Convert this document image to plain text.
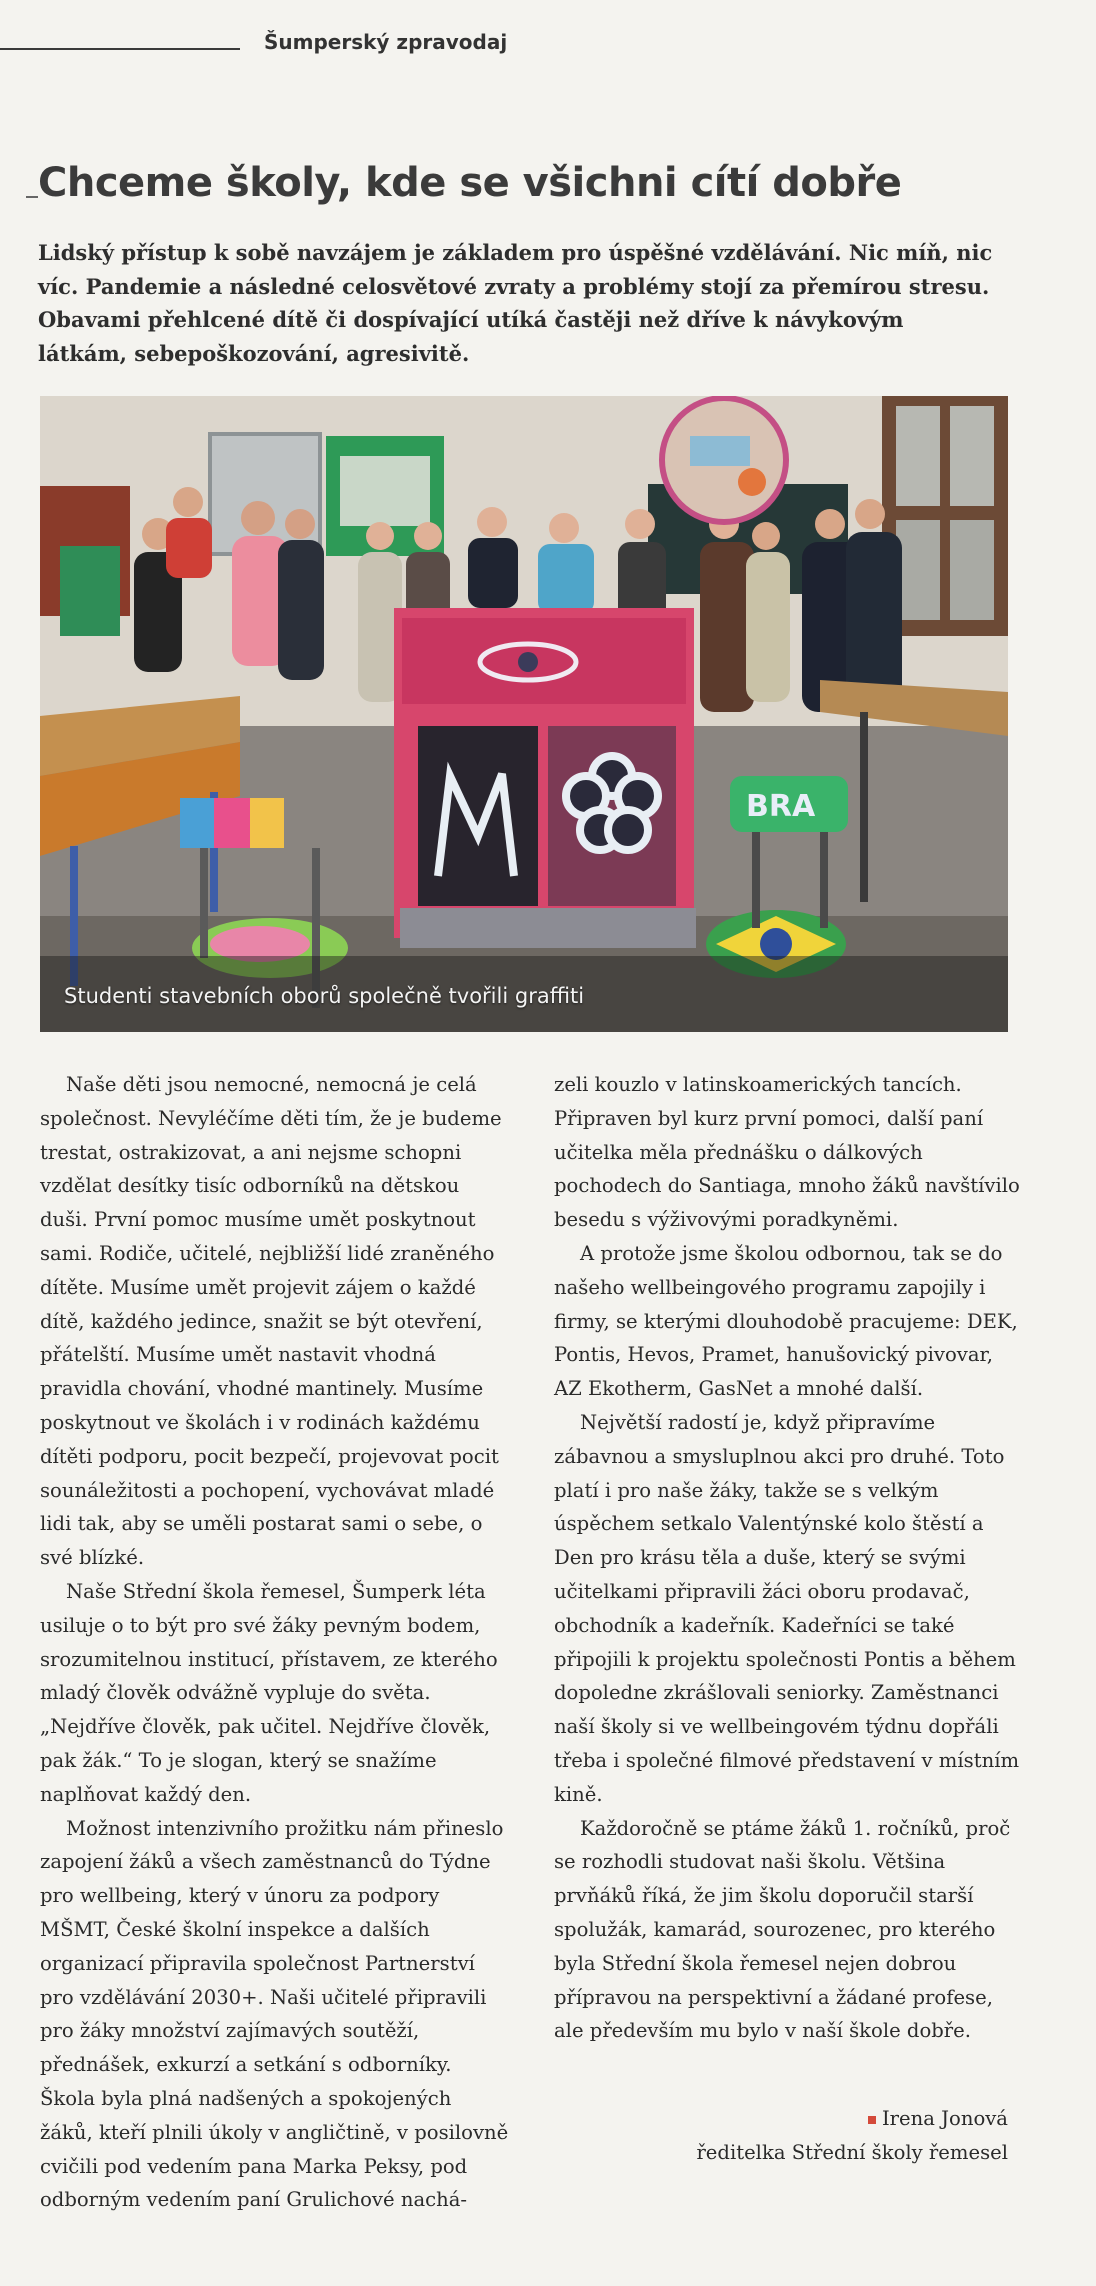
Šumperský zpravodaj
Chceme školy, kde se všichni cítí dobře

Lidský přístup k sobě navzájem je základem pro úspěšné vzdělávání. Nic míň, nic víc. Pandemie a následné celosvětové zvraty a problémy stojí za přemírou stresu. Obavami přehlcené dítě či dospívající utíká častěji než dříve k návykovým látkám, sebepoškozování, agresivitě.

BRA
Studenti stavebních oborů společně tvořili graffiti

Naše děti jsou nemocné, nemocná je celá společnost. Nevyléčíme děti tím, že je budeme trestat, ostrakizovat, a ani nejsme schopni vzdělat desítky tisíc odborníků na dětskou duši. První pomoc musíme umět poskytnout sami. Rodiče, učitelé, nejbližší lidé zraněného dítěte. Musíme umět projevit zájem o každé dítě, každého jedince, snažit se být otevření, přátelští. Musíme umět nastavit vhodná pravidla chování, vhodné mantinely. Musíme poskytnout ve školách i v rodinách každému dítěti podporu, pocit bezpečí, projevovat pocit sounáležitosti a pochopení, vychovávat mladé lidi tak, aby se uměli postarat sami o sebe, o své blízké.

Naše Střední škola řemesel, Šumperk léta usiluje o to být pro své žáky pevným bodem, srozumitelnou institucí, přístavem, ze kterého mladý člověk odvážně vypluje do světa. „Nejdříve člověk, pak učitel. Nejdříve člověk, pak žák.“ To je slogan, který se snažíme naplňovat každý den.

Možnost intenzivního prožitku nám přineslo zapojení žáků a všech zaměstnanců do Týdne pro wellbeing, který v únoru za podpory MŠMT, České školní inspekce a dalších organizací připravila společnost Partnerství pro vzdělávání 2030+. Naši učitelé připravili pro žáky množství zajímavých soutěží, přednášek, exkurzí a setkání s odborníky. Škola byla plná nadšených a spokojených žáků, kteří plnili úkoly v angličtině, v posilovně cvičili pod vedením pana Marka Peksy, pod odborným vedením paní Grulichové nachá-

zeli kouzlo v latinskoamerických tancích. Připraven byl kurz první pomoci, další paní učitelka měla přednášku o dálkových pochodech do Santiaga, mnoho žáků navštívilo besedu s výživovými poradkyněmi.

A protože jsme školou odbornou, tak se do našeho wellbeingového programu zapojily i firmy, se kterými dlouhodobě pracujeme: DEK, Pontis, Hevos, Pramet, hanušovický pivovar, AZ Ekotherm, GasNet a mnohé další.

Největší radostí je, když připravíme zábavnou a smysluplnou akci pro druhé. Toto platí i pro naše žáky, takže se s velkým úspěchem setkalo Valentýnské kolo štěstí a Den pro krásu těla a duše, který se svými učitelkami připravili žáci oboru prodavač, obchodník a kadeřník. Kadeřníci se také připojili k projektu společnosti Pontis a během dopoledne zkrášlovali seniorky. Zaměstnanci naší školy si ve wellbeingovém týdnu dopřáli třeba i společné filmové představení v místním kině.

Každoročně se ptáme žáků 1. ročníků, proč se rozhodli studovat naši školu. Většina prvňáků říká, že jim školu doporučil starší spolužák, kamarád, sourozenec, pro kterého byla Střední škola řemesel nejen dobrou přípravou na perspektivní a žádané profese, ale především mu bylo v naší škole dobře.

Irena Jonová
ředitelka Střední školy řemesel
